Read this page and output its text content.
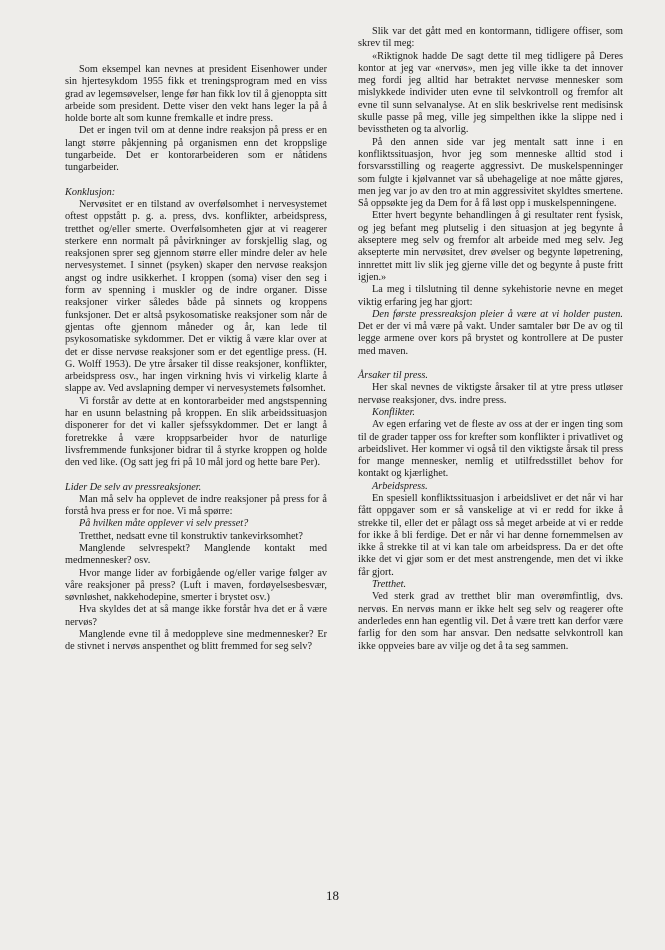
Som eksempel kan nevnes at president Eisenhower under sin hjertesykdom 1955 fikk et treningsprogram med en viss grad av legemsøvelser, lenge før han fikk lov til å gjenoppta sitt arbeide som president. Dette viser den vekt hans leger la på å holde borte alt som kunne fremkalle et indre press.

Det er ingen tvil om at denne indre reaksjon på press er en langt større påkjenning på organismen enn det kroppslige tungarbeide. Det er kontorarbeideren som er nåtidens tungarbeider.

Konklusjon:

Nervøsitet er en tilstand av overfølsomhet i nervesystemet oftest oppstått p. g. a. press, dvs. konflikter, arbeidspress, tretthet og/eller smerte. Overfølsomheten gjør at vi reagerer sterkere enn normalt på påvirkninger av forskjellig slag, og reaksjonen sprer seg gjennom større eller mindre deler av hele nervesystemet. I sinnet (psyken) skaper den nervøse reaksjon angst og indre usikkerhet. I kroppen (soma) viser den seg i form av spenning i muskler og de indre organer. Disse reaksjoner virker således både på sinnets og kroppens funksjoner. Det er altså psykosomatiske reaksjoner som når de gjentas ofte gjennom måneder og år, kan lede til psykosomatiske sykdommer. Det er viktig å være klar over at det er disse nervøse reaksjoner som er det egentlige press. (H. G. Wolff 1953). De ytre årsaker til disse reaksjoner, konflikter, arbeidspress osv., har ingen virkning hvis vi virkelig klarte å slappe av. Ved avslapning demper vi nervesystemets følsomhet.

Vi forstår av dette at en kontorarbeider med angstspenning har en usunn belastning på kroppen. En slik arbeidssituasjon disponerer for det vi kaller sjefssykdommer. Det er langt å foretrekke å være kroppsarbeider hvor de naturlige livsfremmende funksjoner bidrar til å styrke kroppen og holde den ved like. (Og satt jeg fri på 10 mål jord og hette bare Per).

Lider De selv av pressreaksjoner.

Man må selv ha opplevet de indre reaksjoner på press for å forstå hva press er for noe. Vi må spørre:

På hvilken måte opplever vi selv presset?

Tretthet, nedsatt evne til konstruktiv tankevirksomhet?

Manglende selvrespekt? Manglende kontakt med medmennesker? osv.

Hvor mange lider av forbigående og/eller varige følger av våre reaksjoner på press? (Luft i maven, fordøyelsesbesvær, søvnløshet, nakkehodepine, smerter i brystet osv.)

Hva skyldes det at så mange ikke forstår hva det er å være nervøs?

Manglende evne til å medoppleve sine medmennesker? Er de stivnet i nervøs anspenthet og blitt fremmed for seg selv?

Slik var det gått med en kontormann, tidligere offiser, som skrev til meg:

«Riktignok hadde De sagt dette til meg tidligere på Deres kontor at jeg var «nervøs», men jeg ville ikke ta det innover meg fordi jeg alltid har betraktet nervøse mennesker som mislykkede individer uten evne til selvkontroll og fremfor alt evne til sunn selvanalyse. At en slik beskrivelse rent medisinsk skulle passe på meg, ville jeg simpelthen ikke la slippe ned i bevisstheten og ta alvorlig.

På den annen side var jeg mentalt satt inne i en konfliktssituasjon, hvor jeg som menneske alltid stod i forsvarsstilling og reagerte aggressivt. De muskelspenninger som fulgte i kjølvannet var så ubehagelige at noe måtte gjøres, men jeg var jo av den tro at min aggressivitet skyldtes smertene. Så oppsøkte jeg da Dem for å få løst opp i muskelspenningene.

Etter hvert begynte behandlingen å gi resultater rent fysisk, og jeg befant meg plutselig i den situasjon at jeg begynte å akseptere meg selv og fremfor alt arbeide med meg selv. Jeg aksepterte min nervøsitet, drev øvelser og begynte løpetrening, innrettet mitt liv slik jeg gjerne ville det og begynte å puste fritt igjen.»

La meg i tilslutning til denne sykehistorie nevne en meget viktig erfaring jeg har gjort:

Den første pressreaksjon pleier å være at vi holder pusten. Det er der vi må være på vakt. Under samtaler bør De av og til legge armene over kors på brystet og kontrollere at De puster med maven.

Årsaker til press.

Her skal nevnes de viktigste årsaker til at ytre press utløser nervøse reaksjoner, dvs. indre press.

Konflikter.

Av egen erfaring vet de fleste av oss at der er ingen ting som til de grader tapper oss for krefter som konflikter i privatlivet og arbeidslivet. Her kommer vi også til den viktigste årsak til press for mange mennesker, nemlig et utilfredsstillet behov for kontakt og kjærlighet.

Arbeidspress.

En spesiell konfliktssituasjon i arbeidslivet er det når vi har fått oppgaver som er så vanskelige at vi er redd for ikke å strekke til, eller det er pålagt oss så meget arbeide at vi er redde for ikke å bli ferdige. Det er når vi har denne fornemmelsen av ikke å strekke til at vi kan tale om arbeidspress. Da er det ofte ikke det vi gjør som er det mest anstrengende, men det vi ikke får gjort.

Tretthet.

Ved sterk grad av tretthet blir man overømfintlig, dvs. nervøs. En nervøs mann er ikke helt seg selv og reagerer ofte anderledes enn han egentlig vil. Det å være trett kan derfor være farlig for den som har ansvar. Den nedsatte selvkontroll kan ikke oppveies bare av vilje og det å ta seg sammen.

18
